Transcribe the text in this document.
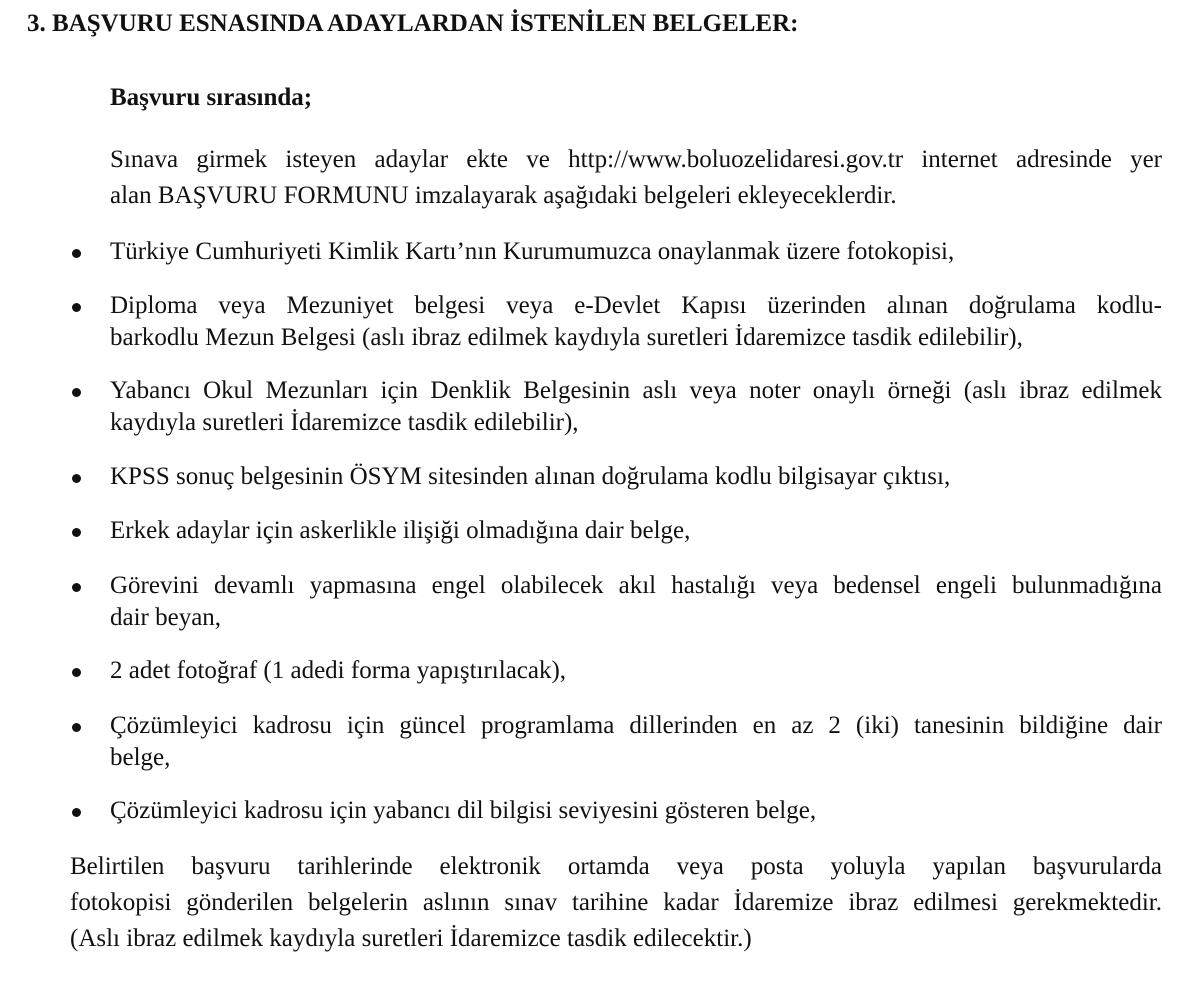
3. BAŞVURU ESNASINDA ADAYLARDAN İSTENİLEN BELGELER:
Başvuru sırasında;
Sınava girmek isteyen adaylar ekte ve http://www.boluozelidaresi.gov.tr internet adresinde yer
alan BAŞVURU FORMUNU imzalayarak aşağıdaki belgeleri ekleyeceklerdir.
Türkiye Cumhuriyeti Kimlik Kartı’nın Kurumumuzca onaylanmak üzere fotokopisi,
Diploma veya Mezuniyet belgesi veya e-Devlet Kapısı üzerinden alınan doğrulama kodlu-
barkodlu Mezun Belgesi (aslı ibraz edilmek kaydıyla suretleri İdaremizce tasdik edilebilir),
Yabancı Okul Mezunları için Denklik Belgesinin aslı veya noter onaylı örneği (aslı ibraz edilmek
kaydıyla suretleri İdaremizce tasdik edilebilir),
KPSS sonuç belgesinin ÖSYM sitesinden alınan doğrulama kodlu bilgisayar çıktısı,
Erkek adaylar için askerlikle ilişiği olmadığına dair belge,
Görevini devamlı yapmasına engel olabilecek akıl hastalığı veya bedensel engeli bulunmadığına
dair beyan,
2 adet fotoğraf (1 adedi forma yapıştırılacak),
Çözümleyici kadrosu için güncel programlama dillerinden en az 2 (iki) tanesinin bildiğine dair
belge,
Çözümleyici kadrosu için yabancı dil bilgisi seviyesini gösteren belge,
Belirtilen başvuru tarihlerinde elektronik ortamda veya posta yoluyla yapılan başvurularda
fotokopisi gönderilen belgelerin aslının sınav tarihine kadar İdaremize ibraz edilmesi gerekmektedir.
(Aslı ibraz edilmek kaydıyla suretleri İdaremizce tasdik edilecektir.)
